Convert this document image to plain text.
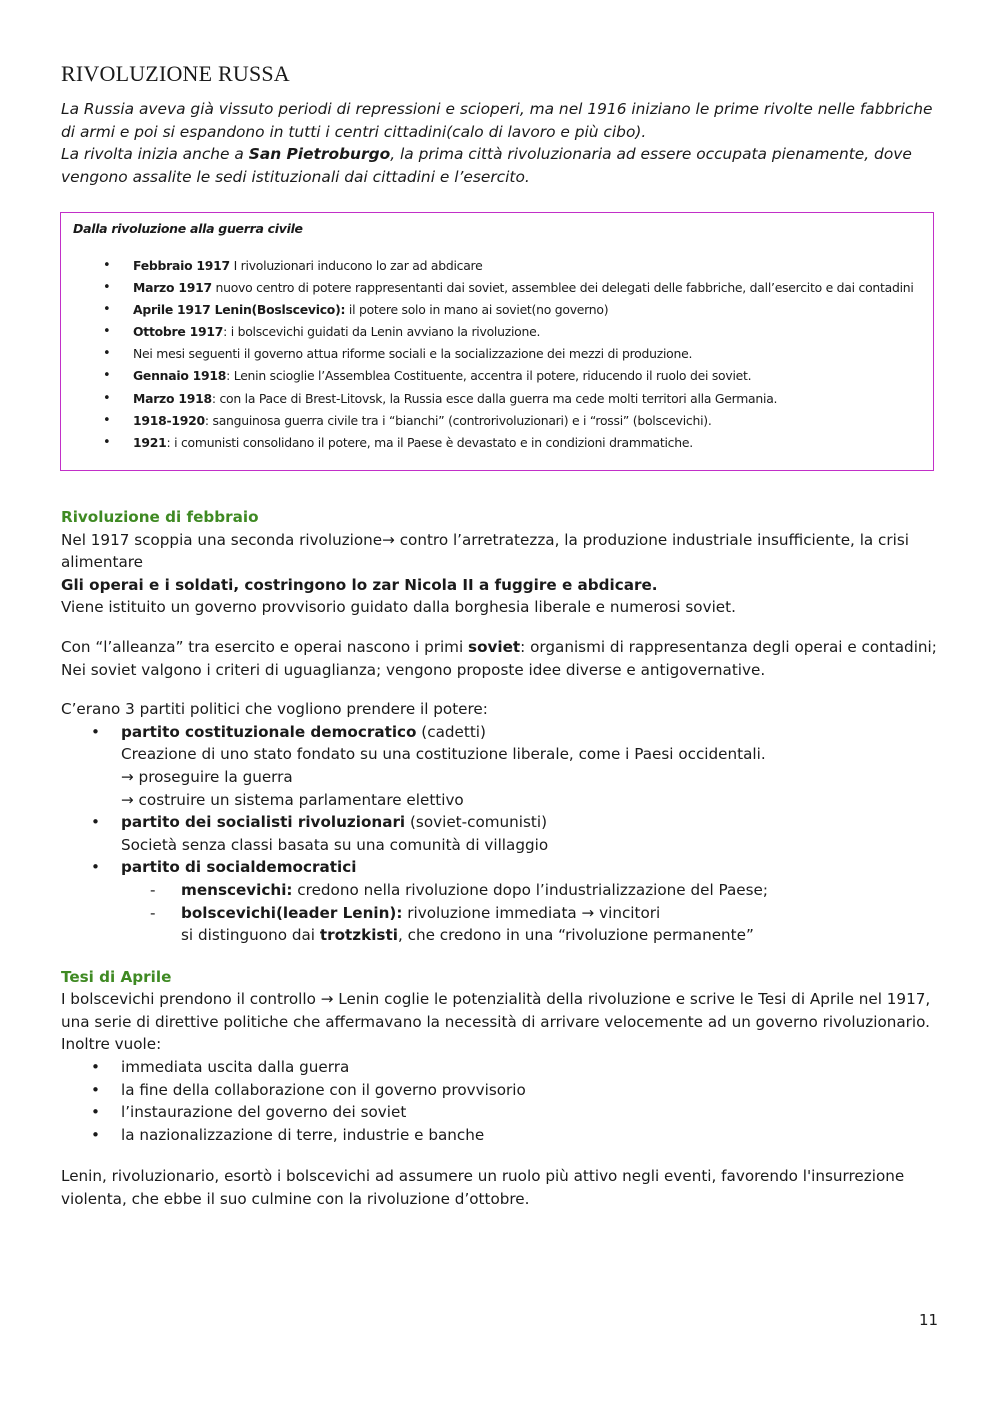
RIVOLUZIONE RUSSA

La Russia aveva già vissuto periodi di repressioni e scioperi, ma nel 1916 iniziano le prime rivolte nelle fabbriche di armi e poi si espandono in tutti i centri cittadini(calo di lavoro e più cibo).

La rivolta inizia anche a San Pietroburgo, la prima città rivoluzionaria ad essere occupata pienamente, dove vengono assalite le sedi istituzionali dai cittadini e l’esercito.

Dalla rivoluzione alla guerra civile
• Febbraio 1917 I rivoluzionari inducono lo zar ad abdicare
• Marzo 1917 nuovo centro di potere rappresentanti dai soviet, assemblee dei delegati delle fabbriche, dall’esercito e dai contadini
• Aprile 1917 Lenin(Boslscevico): il potere solo in mano ai soviet(no governo)
• Ottobre 1917: i bolscevichi guidati da Lenin avviano la rivoluzione.
• Nei mesi seguenti il governo attua riforme sociali e la socializzazione dei mezzi di produzione.
• Gennaio 1918: Lenin scioglie l’Assemblea Costituente, accentra il potere, riducendo il ruolo dei soviet.
• Marzo 1918: con la Pace di Brest-Litovsk, la Russia esce dalla guerra ma cede molti territori alla Germania.
• 1918-1920: sanguinosa guerra civile tra i “bianchi” (controrivoluzionari) e i “rossi” (bolscevichi).
• 1921: i comunisti consolidano il potere, ma il Paese è devastato e in condizioni drammatiche.

Rivoluzione di febbraio

Nel 1917 scoppia una seconda rivoluzione→ contro l’arretratezza, la produzione industriale insufficiente, la crisi alimentare

Gli operai e i soldati, costringono lo zar Nicola II a fuggire e abdicare.

Viene istituito un governo provvisorio guidato dalla borghesia liberale e numerosi soviet.

Con “l’alleanza” tra esercito e operai nascono i primi soviet: organismi di rappresentanza degli operai e contadini; Nei soviet valgono i criteri di uguaglianza; vengono proposte idee diverse e antigovernative.

C’erano 3 partiti politici che vogliono prendere il potere:

• partito costituzionale democratico (cadetti)
Creazione di uno stato fondato su una costituzione liberale, come i Paesi occidentali.
→ proseguire la guerra
→ costruire un sistema parlamentare elettivo
• partito dei socialisti rivoluzionari (soviet-comunisti)
Società senza classi basata su una comunità di villaggio
• partito di socialdemocratici
- menscevichi: credono nella rivoluzione dopo l’industrializzazione del Paese;
- bolscevichi(leader Lenin): rivoluzione immediata → vincitori
si distinguono dai trotzkisti, che credono in una “rivoluzione permanente”

Tesi di Aprile

I bolscevichi prendono il controllo → Lenin coglie le potenzialità della rivoluzione e scrive le Tesi di Aprile nel 1917, una serie di direttive politiche che affermavano la necessità di arrivare velocemente ad un governo rivoluzionario.

Inoltre vuole:

• immediata uscita dalla guerra
• la fine della collaborazione con il governo provvisorio
• l’instaurazione del governo dei soviet
• la nazionalizzazione di terre, industrie e banche

Lenin, rivoluzionario, esortò i bolscevichi ad assumere un ruolo più attivo negli eventi, favorendo l'insurrezione violenta, che ebbe il suo culmine con la rivoluzione d’ottobre.

11
